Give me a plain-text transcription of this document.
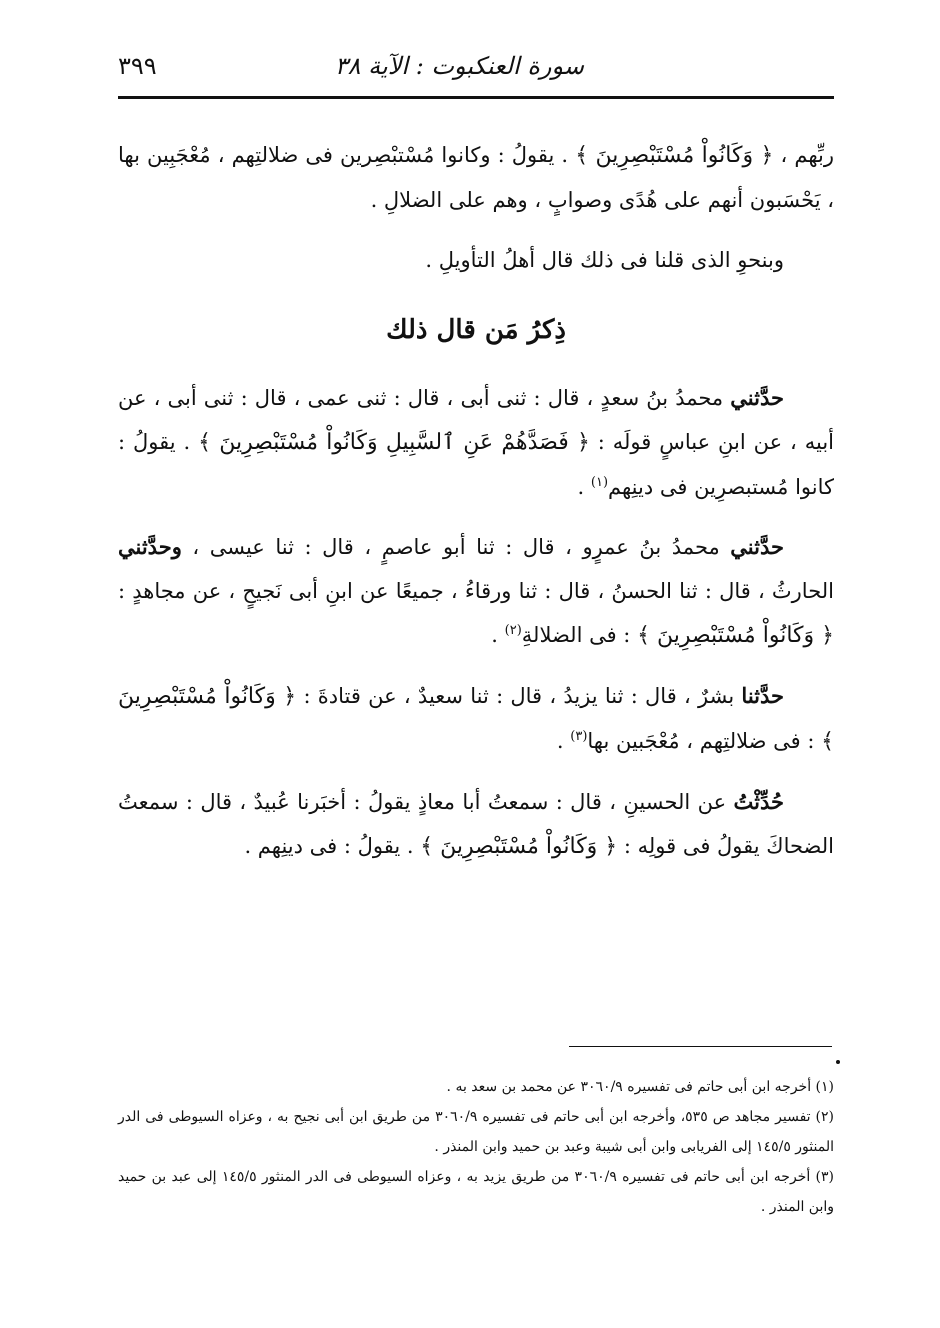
سورة العنكبوت : الآية ٣٨
٣٩٩

ربِّهم ، ﴿ وَكَانُواْ مُسْتَبْصِرِينَ ﴾ . يقولُ : وكانوا مُسْتبْصِرين فى ضلالتِهم ، مُعْجَبِين بها ، يَحْسَبون أنهم على هُدًى وصوابٍ ، وهم على الضلالِ .

وبنحوِ الذى قلنا فى ذلك قال أهلُ التأويلِ .

ذِكرُ مَن قال ذلك

حدَّثني محمدُ بنُ سعدٍ ، قال : ثنى أبى ، قال : ثنى عمى ، قال : ثنى أبى ، عن أبيه ، عن ابنِ عباسٍ قولَه : ﴿ فَصَدَّهُمْ عَنِ ٱلسَّبِيلِ وَكَانُواْ مُسْتَبْصِرِينَ ﴾ . يقولُ : كانوا مُستبصرِين فى دينِهم$^{(١)}$ .

حدَّثني محمدُ بنُ عمرٍو ، قال : ثنا أبو عاصمٍ ، قال : ثنا عيسى ، وحدَّثني الحارثُ ، قال : ثنا الحسنُ ، قال : ثنا ورقاءُ ، جميعًا عن ابنِ أبى نَجيحٍ ، عن مجاهدٍ : ﴿ وَكَانُواْ مُسْتَبْصِرِينَ ﴾ : فى الضلالةِ$^{(٢)}$ .

حدَّثنا بشرٌ ، قال : ثنا يزيدُ ، قال : ثنا سعيدٌ ، عن قتادةَ : ﴿ وَكَانُواْ مُسْتَبْصِرِينَ ﴾ : فى ضلالتِهم ، مُعْجَبين بها$^{(٣)}$ .

حُدِّثْتُ عن الحسينِ ، قال : سمعتُ أبا معاذٍ يقولُ : أخبَرنا عُبيدٌ ، قال : سمعتُ الضحاكَ يقولُ فى قولِه : ﴿ وَكَانُواْ مُسْتَبْصِرِينَ ﴾ . يقولُ : فى دينِهم .

(١) أخرجه ابن أبى حاتم فى تفسيره ٣٠٦٠/٩ عن محمد بن سعد به .

(٢) تفسير مجاهد ص ٥٣٥، وأخرجه ابن أبى حاتم فى تفسيره ٣٠٦٠/٩ من طريق ابن أبى نجيح به ، وعزاه السيوطى فى الدر المنثور ١٤٥/٥ إلى الفريابى وابن أبى شيبة وعبد بن حميد وابن المنذر .

(٣) أخرجه ابن أبى حاتم فى تفسيره ٣٠٦٠/٩ من طريق يزيد به ، وعزاه السيوطى فى الدر المنثور ١٤٥/٥ إلى عبد بن حميد وابن المنذر .
